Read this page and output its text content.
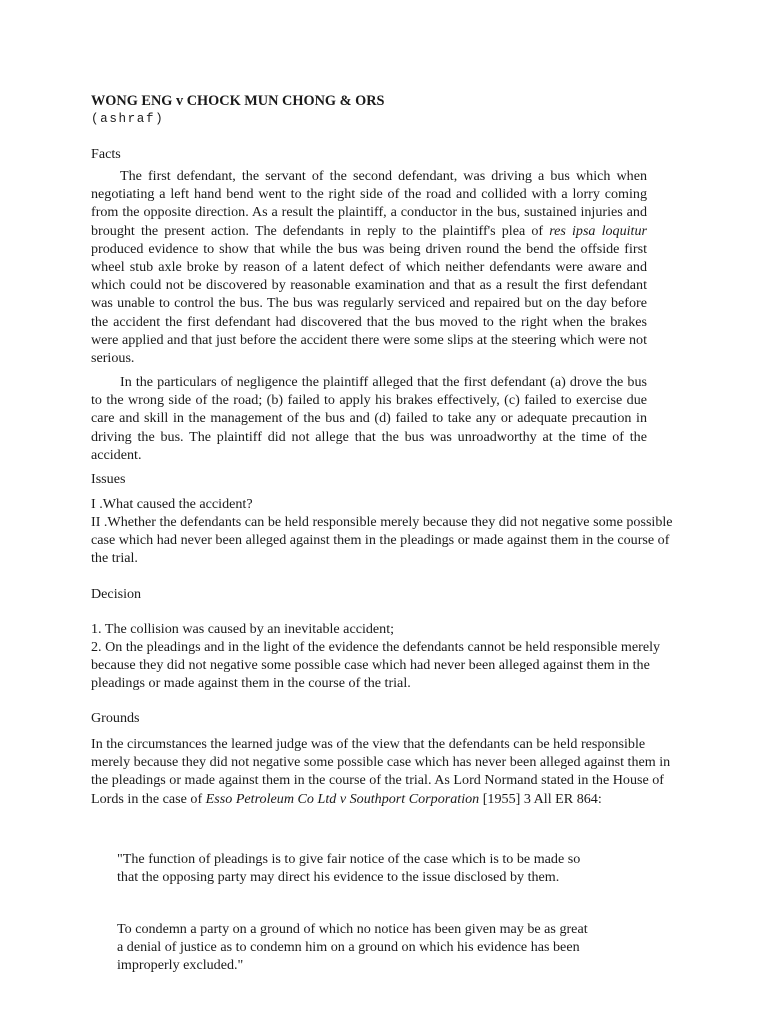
WONG ENG v CHOCK MUN CHONG & ORS
(ashraf)
Facts

The first defendant, the servant of the second defendant, was driving a bus which when negotiating a left hand bend went to the right side of the road and collided with a lorry coming from the opposite direction. As a result the plaintiff, a conductor in the bus, sustained injuries and brought the present action. The defendants in reply to the plaintiff's plea of res ipsa loquitur produced evidence to show that while the bus was being driven round the bend the offside first wheel stub axle broke by reason of a latent defect of which neither defendants were aware and which could not be discovered by reasonable examination and that as a result the first defendant was unable to control the bus. The bus was regularly serviced and repaired but on the day before the accident the first defendant had discovered that the bus moved to the right when the brakes were applied and that just before the accident there were some slips at the steering which were not serious.

In the particulars of negligence the plaintiff alleged that the first defendant (a) drove the bus to the wrong side of the road; (b) failed to apply his brakes effectively, (c) failed to exercise due care and skill in the management of the bus and (d) failed to take any or adequate precaution in driving the bus. The plaintiff did not allege that the bus was unroadworthy at the time of the accident.

Issues
I .What caused the accident?
II .Whether the defendants can be held responsible merely because they did not negative some possible case which had never been alleged against them in the pleadings or made against them in the course of the trial.
Decision
1. The collision was caused by an inevitable accident;
2. On the pleadings and in the light of the evidence the defendants cannot be held responsible merely because they did not negative some possible case which had never been alleged against them in the pleadings or made against them in the course of the trial.
Grounds

In the circumstances the learned judge was of the view that the defendants can be held responsible merely because they did not negative some possible case which has never been alleged against them in the pleadings or made against them in the course of the trial. As Lord Normand stated in the House of Lords in the case of Esso Petroleum Co Ltd v Southport Corporation [1955] 3 All ER 864:

"The function of pleadings is to give fair notice of the case which is to be made so that the opposing party may direct his evidence to the issue disclosed by them.

To condemn a party on a ground of which no notice has been given may be as great a denial of justice as to condemn him on a ground on which his evidence has been improperly excluded."
